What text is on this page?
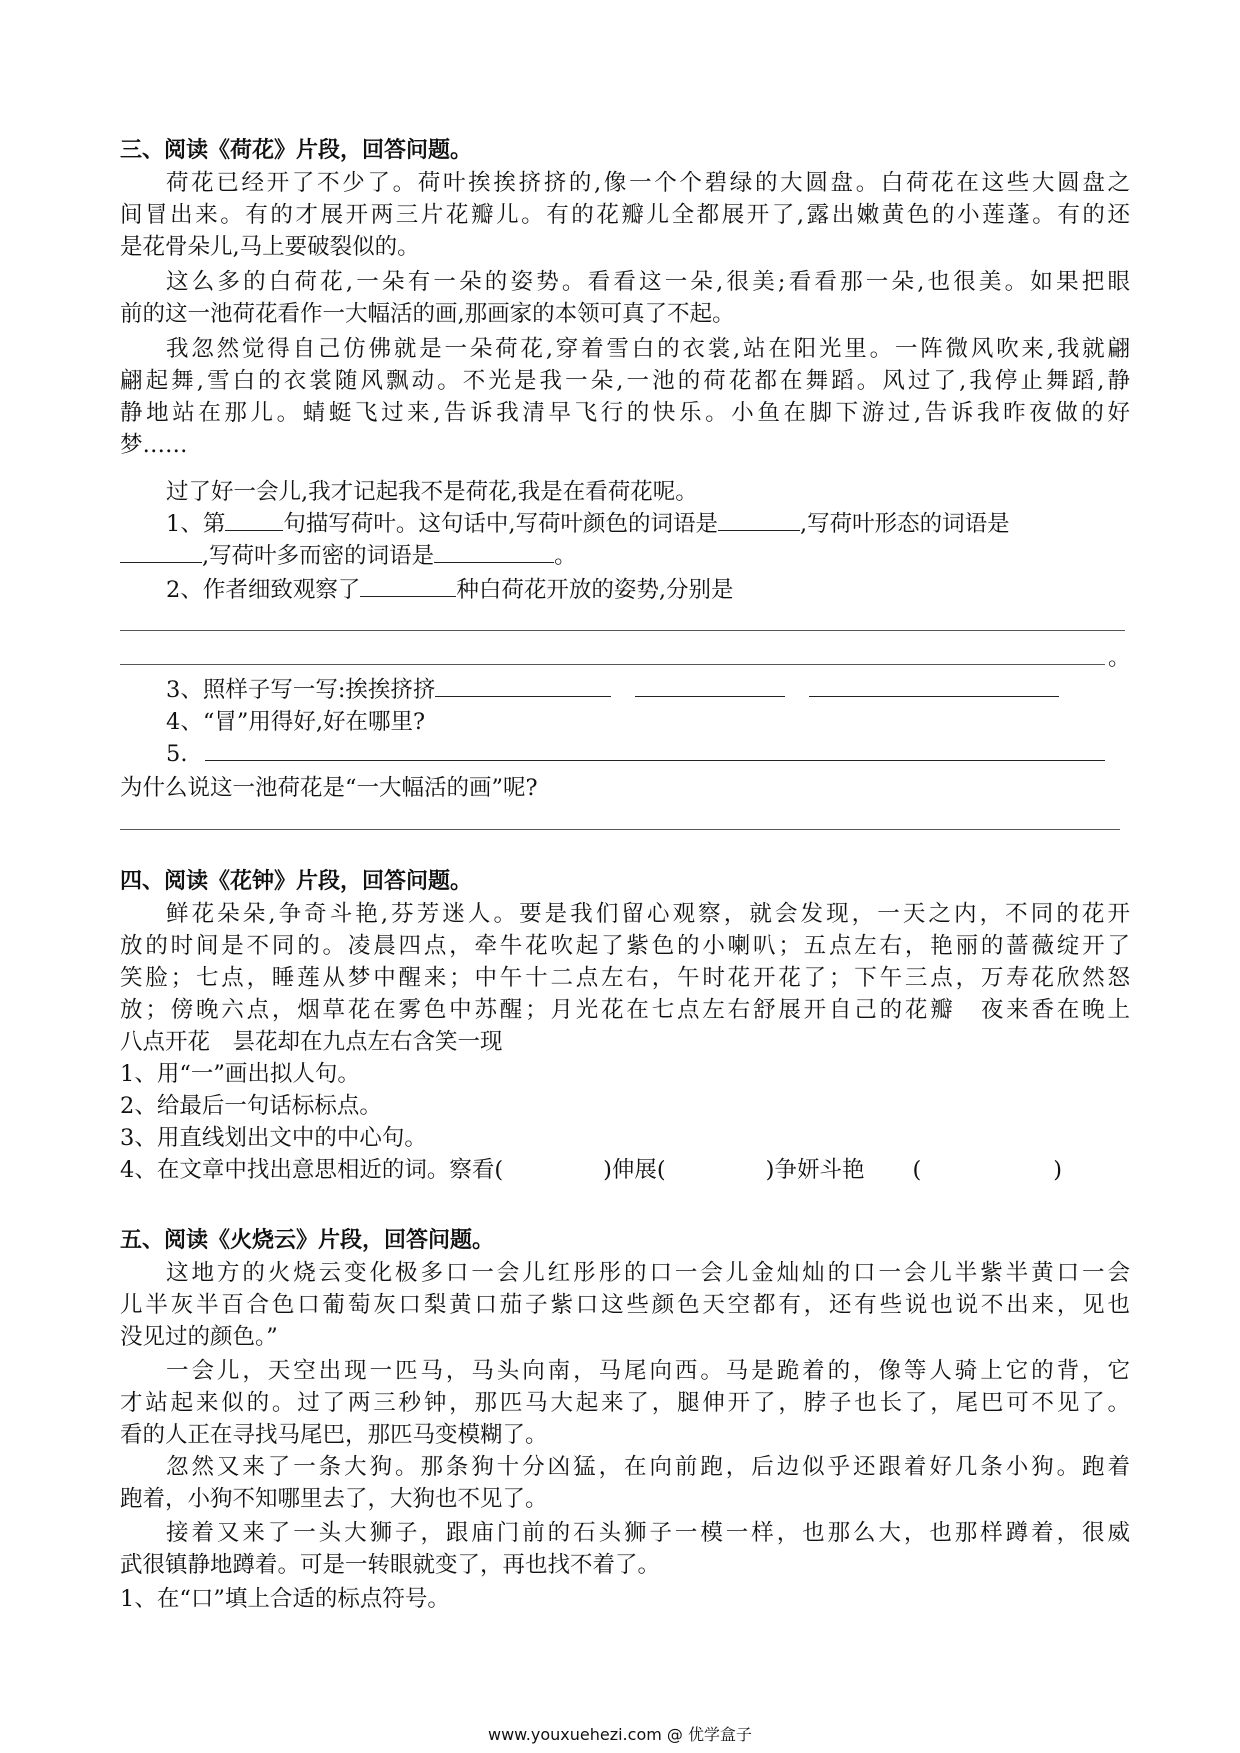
三、阅读《荷花》片段，回答问题。
荷花已经开了不少了。荷叶挨挨挤挤的,像一个个碧绿的大圆盘。白荷花在这些大圆盘之
间冒出来。有的才展开两三片花瓣儿。有的花瓣儿全都展开了,露出嫩黄色的小莲蓬。有的还
是花骨朵儿,马上要破裂似的。
这么多的白荷花,一朵有一朵的姿势。看看这一朵,很美;看看那一朵,也很美。如果把眼
前的这一池荷花看作一大幅活的画,那画家的本领可真了不起。
我忽然觉得自己仿佛就是一朵荷花,穿着雪白的衣裳,站在阳光里。一阵微风吹来,我就翩
翩起舞,雪白的衣裳随风飘动。不光是我一朵,一池的荷花都在舞蹈。风过了,我停止舞蹈,静
静地站在那儿。蜻蜓飞过来,告诉我清早飞行的快乐。小鱼在脚下游过,告诉我昨夜做的好
梦……
过了好一会儿,我才记起我不是荷花,我是在看荷花呢。
1、第	句描写荷叶。这句话中,写荷叶颜色的词语是	,写荷叶形态的词语是
,写荷叶多而密的词语是	。
2、作者细致观察了	种白荷花开放的姿势,分别是
。
3、照样子写一写:挨挨挤挤
4、“冒”用得好,好在哪里?
5.
为什么说这一池荷花是“一大幅活的画”呢?
四、阅读《花钟》片段，回答问题。
鲜花朵朵,争奇斗艳,芬芳迷人。要是我们留心观察，就会发现，一天之内，不同的花开
放的时间是不同的。凌晨四点，牵牛花吹起了紫色的小喇叭；五点左右，艳丽的蔷薇绽开了
笑脸；七点，睡莲从梦中醒来；中午十二点左右，午时花开花了；下午三点，万寿花欣然怒
放；傍晚六点，烟草花在雾色中苏醒；月光花在七点左右舒展开自己的花瓣　夜来香在晚上
八点开花　昙花却在九点左右含笑一现
1、用“一”画出拟人句。
2、给最后一句话标标点。
3、用直线划出文中的中心句。
4、在文章中找出意思相近的词。察看(	)伸展(	)争妍斗艳 (	)
五、阅读《火烧云》片段，回答问题。
这地方的火烧云变化极多口一会儿红彤彤的口一会儿金灿灿的口一会儿半紫半黄口一会
儿半灰半百合色口葡萄灰口梨黄口茄子紫口这些颜色天空都有，还有些说也说不出来，见也
没见过的颜色。”
一会儿，天空出现一匹马，马头向南，马尾向西。马是跪着的，像等人骑上它的背，它
才站起来似的。过了两三秒钟，那匹马大起来了，腿伸开了，脖子也长了，尾巴可不见了。
看的人正在寻找马尾巴，那匹马变模糊了。
忽然又来了一条大狗。那条狗十分凶猛，在向前跑，后边似乎还跟着好几条小狗。跑着
跑着，小狗不知哪里去了，大狗也不见了。
接着又来了一头大狮子，跟庙门前的石头狮子一模一样，也那么大，也那样蹲着，很威
武很镇静地蹲着。可是一转眼就变了，再也找不着了。
1、在“口”填上合适的标点符号。
www.youxuehezi.com @ 优学盒子
